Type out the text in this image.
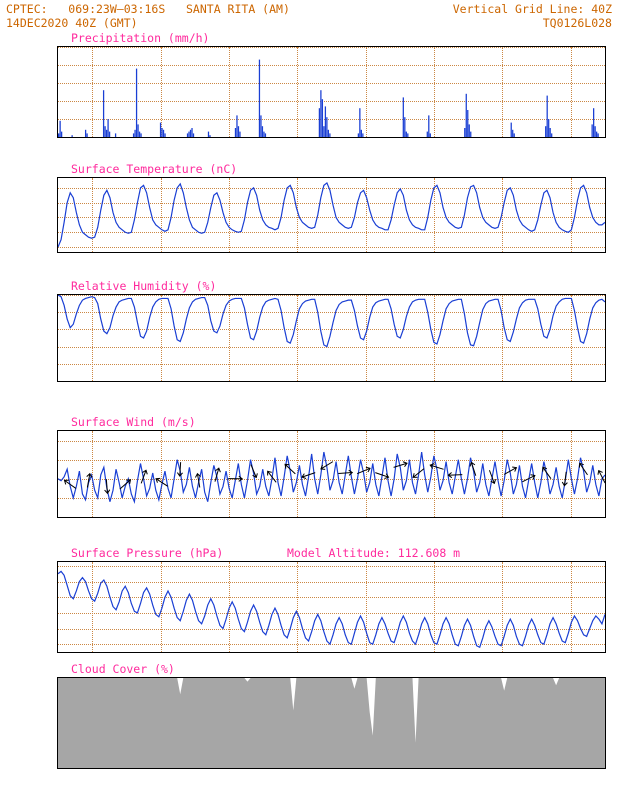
CPTEC:   069:23W—03:16S   SANTA RITA (AM)
14DEC2020 40Z (GMT)
Vertical Grid Line: 40Z
TQ0126L028
Precipitation (mm/h)
Surface Temperature (nC)
Relative Humidity (%)
Surface Wind (m/s)
Surface Pressure (hPa)	Model Altitude: 112.608 m
Cloud Cover (%)
